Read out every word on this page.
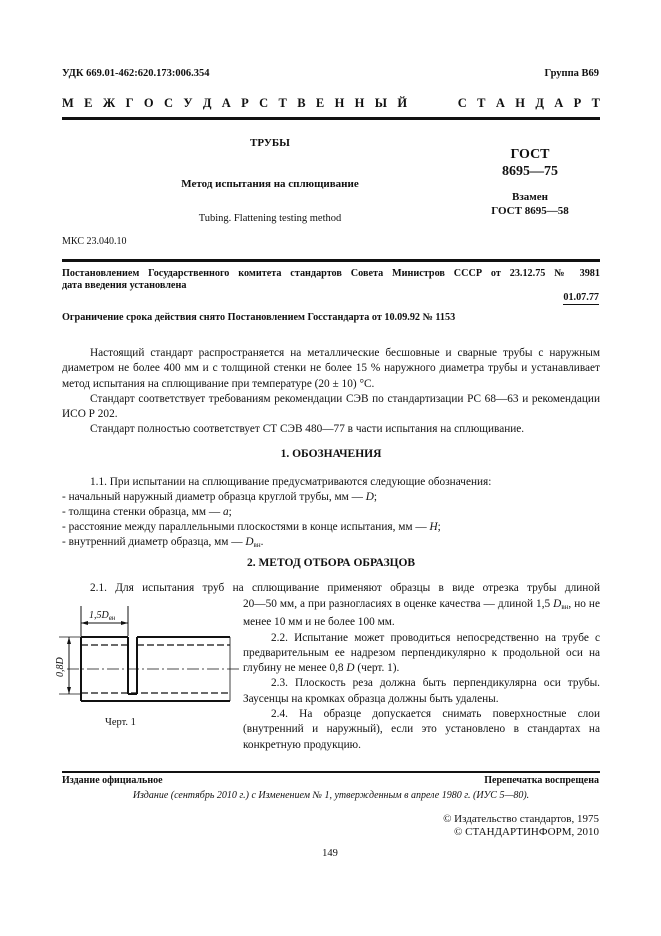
УДК 669.01-462:620.173:006.354	Группа В69
М Е Ж Г О С У Д А Р С Т В Е Н Н Ы Й	С Т А Н Д А Р Т
ТРУБЫ
Метод испытания на сплющивание
Tubing. Flattening testing method
ГОСТ
8695—75
Взамен
ГОСТ 8695—58
МКС 23.040.10
Постановлением Государственного комитета стандартов Совета Министров СССР от 23.12.75 № 3981
дата введения установлена
01.07.77
Ограничение срока действия снято Постановлением Госстандарта от 10.09.92 № 1153

Настоящий стандарт распространяется на металлические бесшовные и сварные трубы с наружным диаметром не более 400 мм и с толщиной стенки не более 15 % наружного диаметра трубы и устанавливает метод испытания на сплющивание при температуре (20 ± 10) °С.

Стандарт соответствует требованиям рекомендации СЭВ по стандартизации РС 68—63 и рекомендации ИСО Р 202.

Стандарт полностью соответствует СТ СЭВ 480—77 в части испытания на сплющивание.

1. ОБОЗНАЧЕНИЯ
1.1. При испытании на сплющивание предусматриваются следующие обозначения:
- начальный наружный диаметр образца круглой трубы, мм — D;
- толщина стенки образца, мм — a;
- расстояние между параллельными плоскостями в конце испытания, мм — H;
- внутренний диаметр образца, мм — $D_{вн}$.
2. МЕТОД ОТБОРА ОБРАЗЦОВ
2.1. Для испытания труб на сплющивание применяют образцы в виде отрезка трубы длиной

20—50 мм, а при разногласиях в оценке качества — длиной 1,5 $D_{вн}$, но не менее 10 мм и не более 100 мм.

2.2. Испытание может проводиться непосредственно на трубе с предварительным ее надрезом перпендикулярно к продольной оси на глубину не менее 0,8 D (черт. 1).

2.3. Плоскость реза должна быть перпендикулярна оси трубы. Заусенцы на кромках образца должны быть удалены.

2.4. На образце допускается снимать поверхностные слои (внутренний и наружный), если это установлено в стандартах на конкретную продукцию.

$1,5D_{вн}$
0,8D
Черт. 1
Издание официальное	Перепечатка воспрещена
Издание (сентябрь 2010 г.) с Изменением № 1, утвержденным в апреле 1980 г. (ИУС 5—80).
© Издательство стандартов, 1975
© СТАНДАРТИНФОРМ, 2010
149
